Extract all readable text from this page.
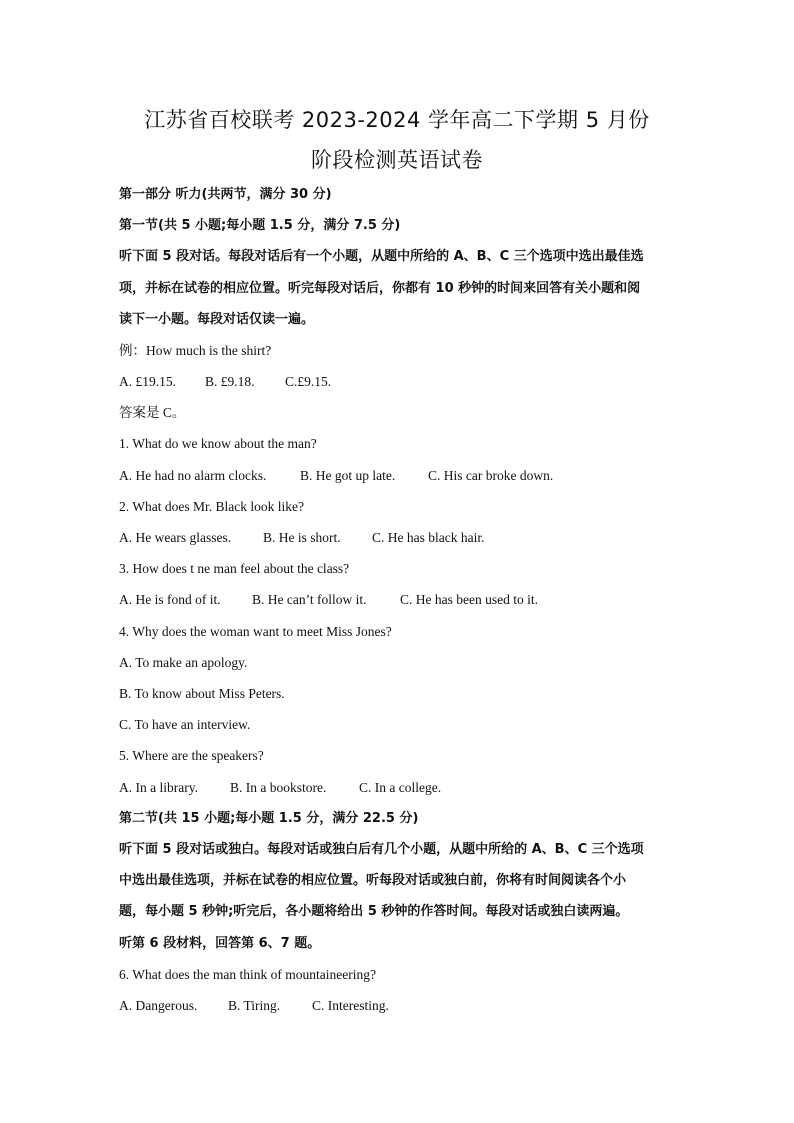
江苏省百校联考 2023-2024 学年高二下学期 5 月份
阶段检测英语试卷

第一部分 听力(共两节，满分 30 分)

第一节(共 5 小题;每小题 1.5 分，满分 7.5 分)

听下面 5 段对话。每段对话后有一个小题，从题中所给的 A、B、C 三个选项中选出最佳选

项，并标在试卷的相应位置。听完每段对话后，你都有 10 秒钟的时间来回答有关小题和阅

读下一小题。每段对话仅读一遍。

例：How much is the shirt?

A. £19.15. B. £9.18. C.£9.15.

答案是 C。

1. What do we know about the man?

A. He had no alarm clocks. B. He got up late. C. His car broke down.

2. What does Mr. Black look like?

A. He wears glasses. B. He is short. C. He has black hair.

3. How does t ne man feel about the class?

A. He is fond of it. B. He can’t follow it. C. He has been used to it.

4. Why does the woman want to meet Miss Jones?

A. To make an apology.

B. To know about Miss Peters.

C. To have an interview.

5. Where are the speakers?

A. In a library. B. In a bookstore. C. In a college.

第二节(共 15 小题;每小题 1.5 分，满分 22.5 分)

听下面 5 段对话或独白。每段对话或独白后有几个小题，从题中所给的 A、B、C 三个选项

中选出最佳选项，并标在试卷的相应位置。听每段对话或独白前，你将有时间阅读各个小

题，每小题 5 秒钟;听完后，各小题将给出 5 秒钟的作答时间。每段对话或独白读两遍。

听第 6 段材料，回答第 6、7 题。

6. What does the man think of mountaineering?

A. Dangerous. B. Tiring. C. Interesting.
